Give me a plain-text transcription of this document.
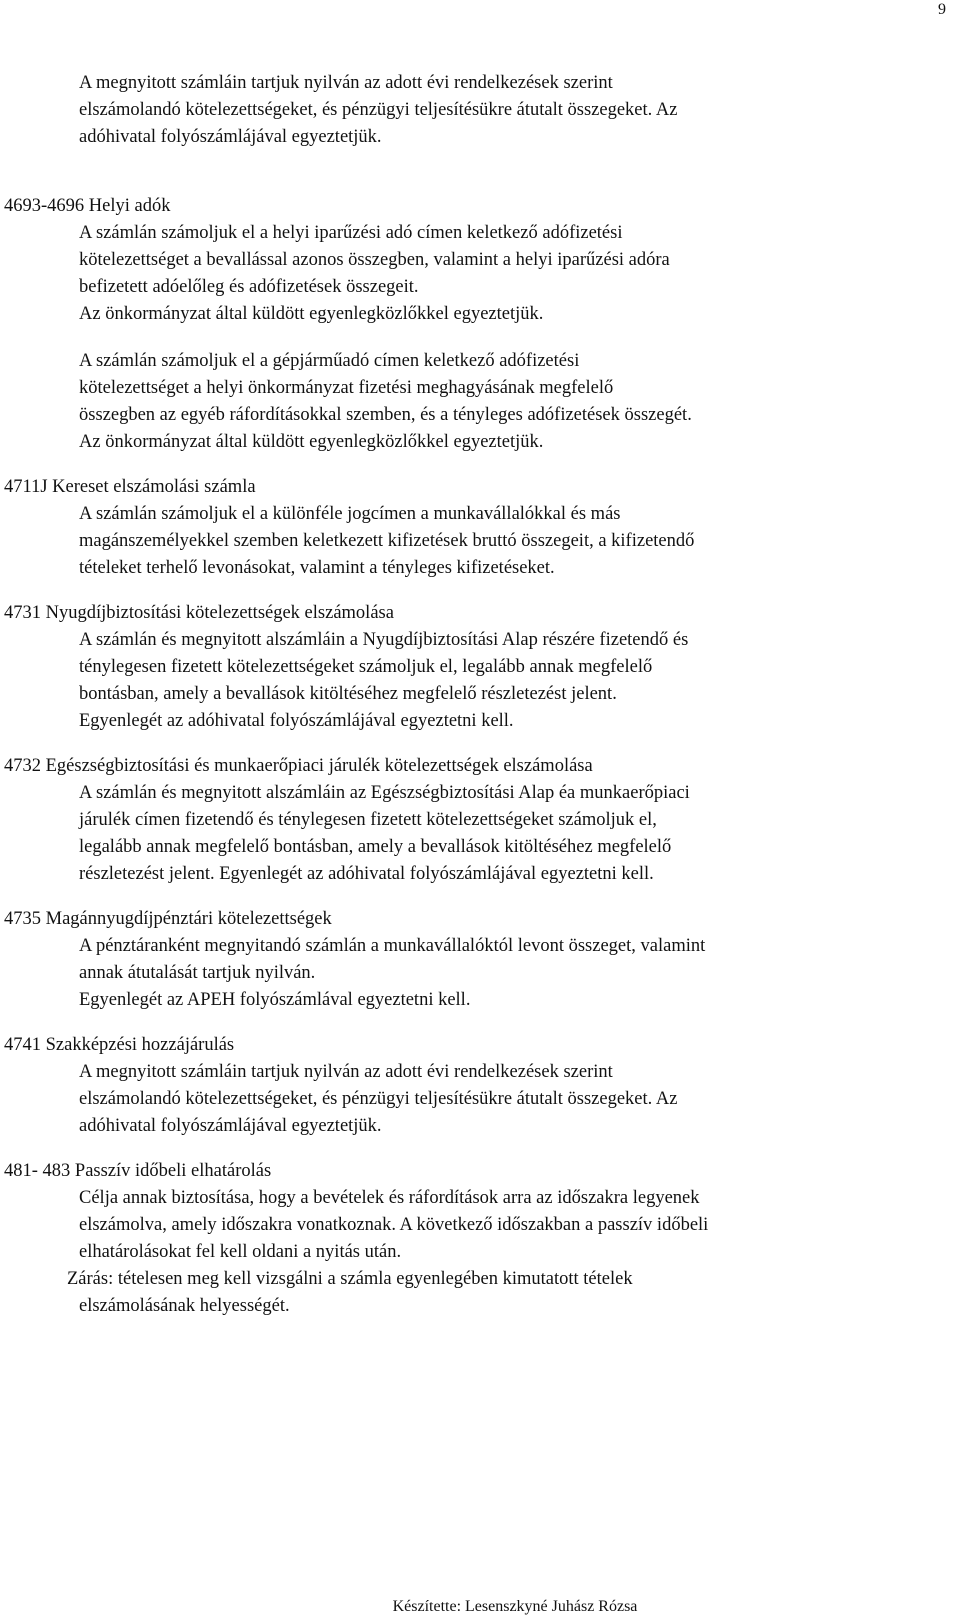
9
A megnyitott számláin tartjuk nyilván az adott évi rendelkezések szerint
elszámolandó kötelezettségeket, és pénzügyi teljesítésükre átutalt összegeket. Az
adóhivatal folyószámlájával egyeztetjük.
4693-4696 Helyi adók
A számlán számoljuk el a helyi iparűzési adó címen keletkező adófizetési
kötelezettséget a bevallással azonos összegben, valamint a helyi iparűzési adóra
befizetett adóelőleg és adófizetések összegeit.
Az önkormányzat által küldött egyenlegközlőkkel egyeztetjük.
A számlán számoljuk el a gépjárműadó címen keletkező adófizetési
kötelezettséget a helyi önkormányzat fizetési meghagyásának megfelelő
összegben az egyéb ráfordításokkal szemben, és a tényleges adófizetések összegét.
Az önkormányzat által küldött egyenlegközlőkkel egyeztetjük.
4711J Kereset elszámolási számla
A számlán számoljuk el a különféle jogcímen a munkavállalókkal és más
magánszemélyekkel szemben keletkezett kifizetések bruttó összegeit, a kifizetendő
tételeket terhelő levonásokat, valamint a tényleges kifizetéseket.
4731 Nyugdíjbiztosítási kötelezettségek elszámolása
A számlán és megnyitott alszámláin a Nyugdíjbiztosítási Alap részére fizetendő és
ténylegesen fizetett kötelezettségeket számoljuk el, legalább annak megfelelő
bontásban, amely a bevallások kitöltéséhez megfelelő részletezést jelent.
Egyenlegét az adóhivatal folyószámlájával egyeztetni kell.
4732 Egészségbiztosítási és munkaerőpiaci járulék kötelezettségek elszámolása
A számlán és megnyitott alszámláin az Egészségbiztosítási Alap éa munkaerőpiaci
járulék címen fizetendő és ténylegesen fizetett kötelezettségeket számoljuk el,
legalább annak megfelelő bontásban, amely a bevallások kitöltéséhez megfelelő
részletezést jelent. Egyenlegét az adóhivatal folyószámlájával egyeztetni kell.
4735 Magánnyugdíjpénztári kötelezettségek
A pénztáranként megnyitandó számlán a munkavállalóktól levont összeget, valamint
annak átutalását tartjuk nyilván.
Egyenlegét az APEH folyószámlával egyeztetni kell.
4741 Szakképzési hozzájárulás
A megnyitott számláin tartjuk nyilván az adott évi rendelkezések szerint
elszámolandó kötelezettségeket, és pénzügyi teljesítésükre átutalt összegeket. Az
adóhivatal folyószámlájával egyeztetjük.
481- 483 Passzív időbeli elhatárolás
Célja annak biztosítása, hogy a bevételek és ráfordítások arra az időszakra legyenek
elszámolva, amely időszakra vonatkoznak. A következő időszakban a passzív időbeli
elhatárolásokat fel kell oldani a nyitás után.
Zárás: tételesen meg kell vizsgálni a számla egyenlegében kimutatott tételek
elszámolásának helyességét.
Készítette: Lesenszkyné Juhász Rózsa
